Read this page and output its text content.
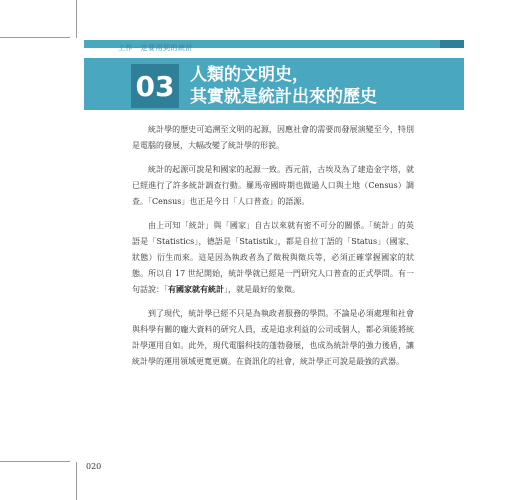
工作一定要用到的統計
03 人類的文明史，
其實就是統計出來的歷史

統計學的歷史可追溯至文明的起源，因應社會的需要而發展演變至今，特別是電腦的發展，大幅改變了統計學的形貌。

統計的起源可說是和國家的起源一致。西元前，古埃及為了建造金字塔，就已經進行了許多統計調查行動。羅馬帝國時期也做過人口與土地（Census）調查。「Census」也正是今日「人口普查」的語源。

由上可知「統計」與「國家」自古以來就有密不可分的關係。「統計」的英語是「Statistics」，德語是「Statistik」，都是自拉丁語的「Status」（國家、狀態）衍生而來。這是因為執政者為了徵稅與徵兵等，必須正確掌握國家的狀態。所以自 17 世紀開始，統計學就已經是一門研究人口普查的正式學問。有一句話說：「有國家就有統計」，就是最好的象徵。

到了現代，統計學已經不只是為執政者服務的學問。不論是必須處理和社會與科學有關的龐大資料的研究人員，或是追求利益的公司或個人，都必須能將統計學運用自如。此外，現代電腦科技的蓬勃發展，也成為統計學的強力後盾，讓統計學的運用領域更寬更廣。在資訊化的社會，統計學正可說是最強的武器。

020
